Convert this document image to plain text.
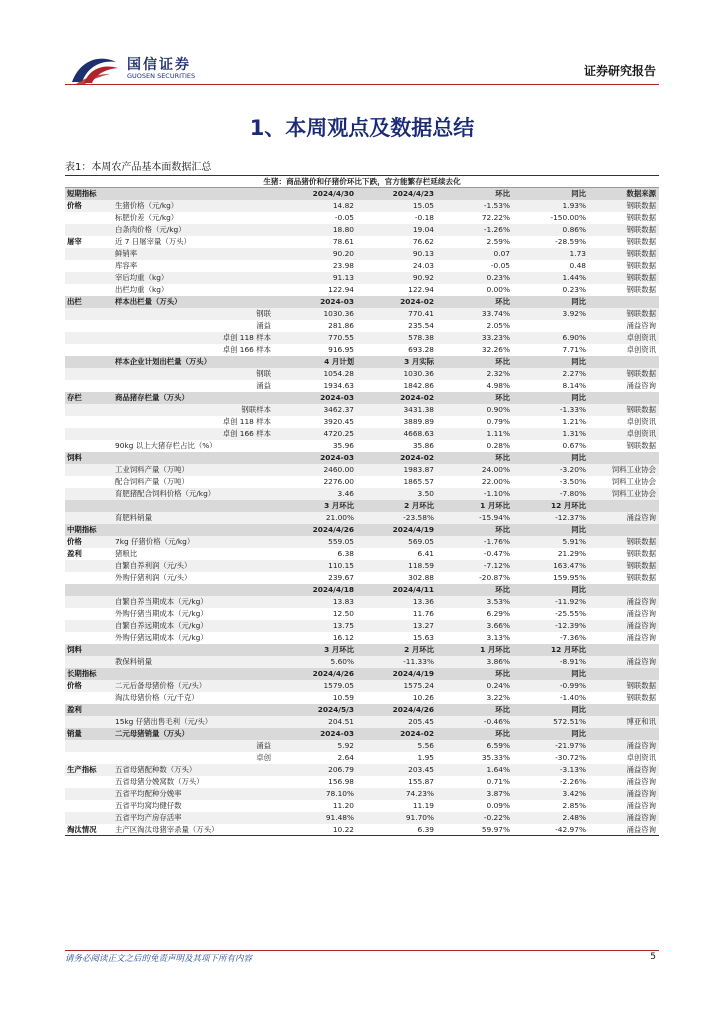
国信证券
GUOSEN SECURITIES	证券研究报告
1、本周观点及数据总结
表1：本周农产品基本面数据汇总
生猪：商品猪价和仔猪价环比下跌，官方能繁存栏延续去化						
短期指标		2024/4/30	2024/4/23	环比	同比	数据来源
价格	生猪价格（元/kg）	14.82	15.05	-1.53%	1.93%	钢联数据
	标肥价差（元/kg）	-0.05	-0.18	72.22%	-150.00%	钢联数据
	白条肉价格（元/kg）	18.80	19.04	-1.26%	0.86%	钢联数据
屠宰	近 7 日屠宰量（万头）	78.61	76.62	2.59%	-28.59%	钢联数据
	鲜销率	90.20	90.13	0.07	1.73	钢联数据
	库容率	23.98	24.03	-0.05	0.48	钢联数据
	宰后均重（kg）	91.13	90.92	0.23%	1.44%	钢联数据
	出栏均重（kg）	122.94	122.94	0.00%	0.23%	钢联数据
出栏	样本出栏量（万头）	2024-03	2024-02	环比	同比	
	钢联	1030.36	770.41	33.74%	3.92%	钢联数据
	涌益	281.86	235.54	2.05%		涌益咨询
	卓创 118 样本	770.55	578.38	33.23%	6.90%	卓创资讯
	卓创 166 样本	916.95	693.28	32.26%	7.71%	卓创资讯
	样本企业计划出栏量（万头）	4 月计划	3 月实际	环比	同比	
	钢联	1054.28	1030.36	2.32%	2.27%	钢联数据
	涌益	1934.63	1842.86	4.98%	8.14%	涌益咨询
存栏	商品猪存栏量（万头）	2024-03	2024-02	环比	同比	
	钢联样本	3462.37	3431.38	0.90%	-1.33%	钢联数据
	卓创 118 样本	3920.45	3889.89	0.79%	1.21%	卓创资讯
	卓创 166 样本	4720.25	4668.63	1.11%	1.31%	卓创资讯
	90kg 以上大猪存栏占比（%）	35.96	35.86	0.28%	0.67%	钢联数据
饲料		2024-03	2024-02	环比	同比	
	工业饲料产量（万吨）	2460.00	1983.87	24.00%	-3.20%	饲料工业协会
	配合饲料产量（万吨）	2276.00	1865.57	22.00%	-3.50%	饲料工业协会
	育肥猪配合饲料价格（元/kg）	3.46	3.50	-1.10%	-7.80%	饲料工业协会
		3 月环比	2 月环比	1 月环比	12 月环比	
	育肥料销量	21.00%	-23.58%	-15.94%	-12.37%	涌益咨询
中期指标		2024/4/26	2024/4/19	环比	同比	
价格	7kg 仔猪价格（元/kg）	559.05	569.05	-1.76%	5.91%	钢联数据
盈利	猪粮比	6.38	6.41	-0.47%	21.29%	钢联数据
	自繁自养利润（元/头）	110.15	118.59	-7.12%	163.47%	钢联数据
	外购仔猪利润（元/头）	239.67	302.88	-20.87%	159.95%	钢联数据
		2024/4/18	2024/4/11	环比	同比	
	自繁自养当期成本（元/kg）	13.83	13.36	3.53%	-11.92%	涌益咨询
	外购仔猪当期成本（元/kg）	12.50	11.76	6.29%	-25.55%	涌益咨询
	自繁自养远期成本（元/kg）	13.75	13.27	3.66%	-12.39%	涌益咨询
	外购仔猪远期成本（元/kg）	16.12	15.63	3.13%	-7.36%	涌益咨询
饲料		3 月环比	2 月环比	1 月环比	12 月环比	
	教保料销量	5.60%	-11.33%	3.86%	-8.91%	涌益咨询
长期指标		2024/4/26	2024/4/19	环比	同比	
价格	二元后备母猪价格（元/头）	1579.05	1575.24	0.24%	-0.99%	钢联数据
	淘汰母猪价格（元/千克）	10.59	10.26	3.22%	-1.40%	钢联数据
盈利		2024/5/3	2024/4/26	环比	同比	
	15kg 仔猪出售毛利（元/头）	204.51	205.45	-0.46%	572.51%	博亚和讯
销量	二元母猪销量（万头）	2024-03	2024-02	环比	同比	
	涌益	5.92	5.56	6.59%	-21.97%	涌益咨询
	卓创	2.64	1.95	35.33%	-30.72%	卓创资讯
生产指标	五省母猪配种数（万头）	206.79	203.45	1.64%	-3.13%	涌益咨询
	五省母猪分娩窝数（万头）	156.98	155.87	0.71%	-2.26%	涌益咨询
	五省平均配种分娩率	78.10%	74.23%	3.87%	3.42%	涌益咨询
	五省平均窝均健仔数	11.20	11.19	0.09%	2.85%	涌益咨询
	五省平均产房存活率	91.48%	91.70%	-0.22%	2.48%	涌益咨询
淘汰情况	主产区淘汰母猪宰杀量（万头）	10.22	6.39	59.97%	-42.97%	涌益咨询
请务必阅读正文之后的免责声明及其项下所有内容	5
